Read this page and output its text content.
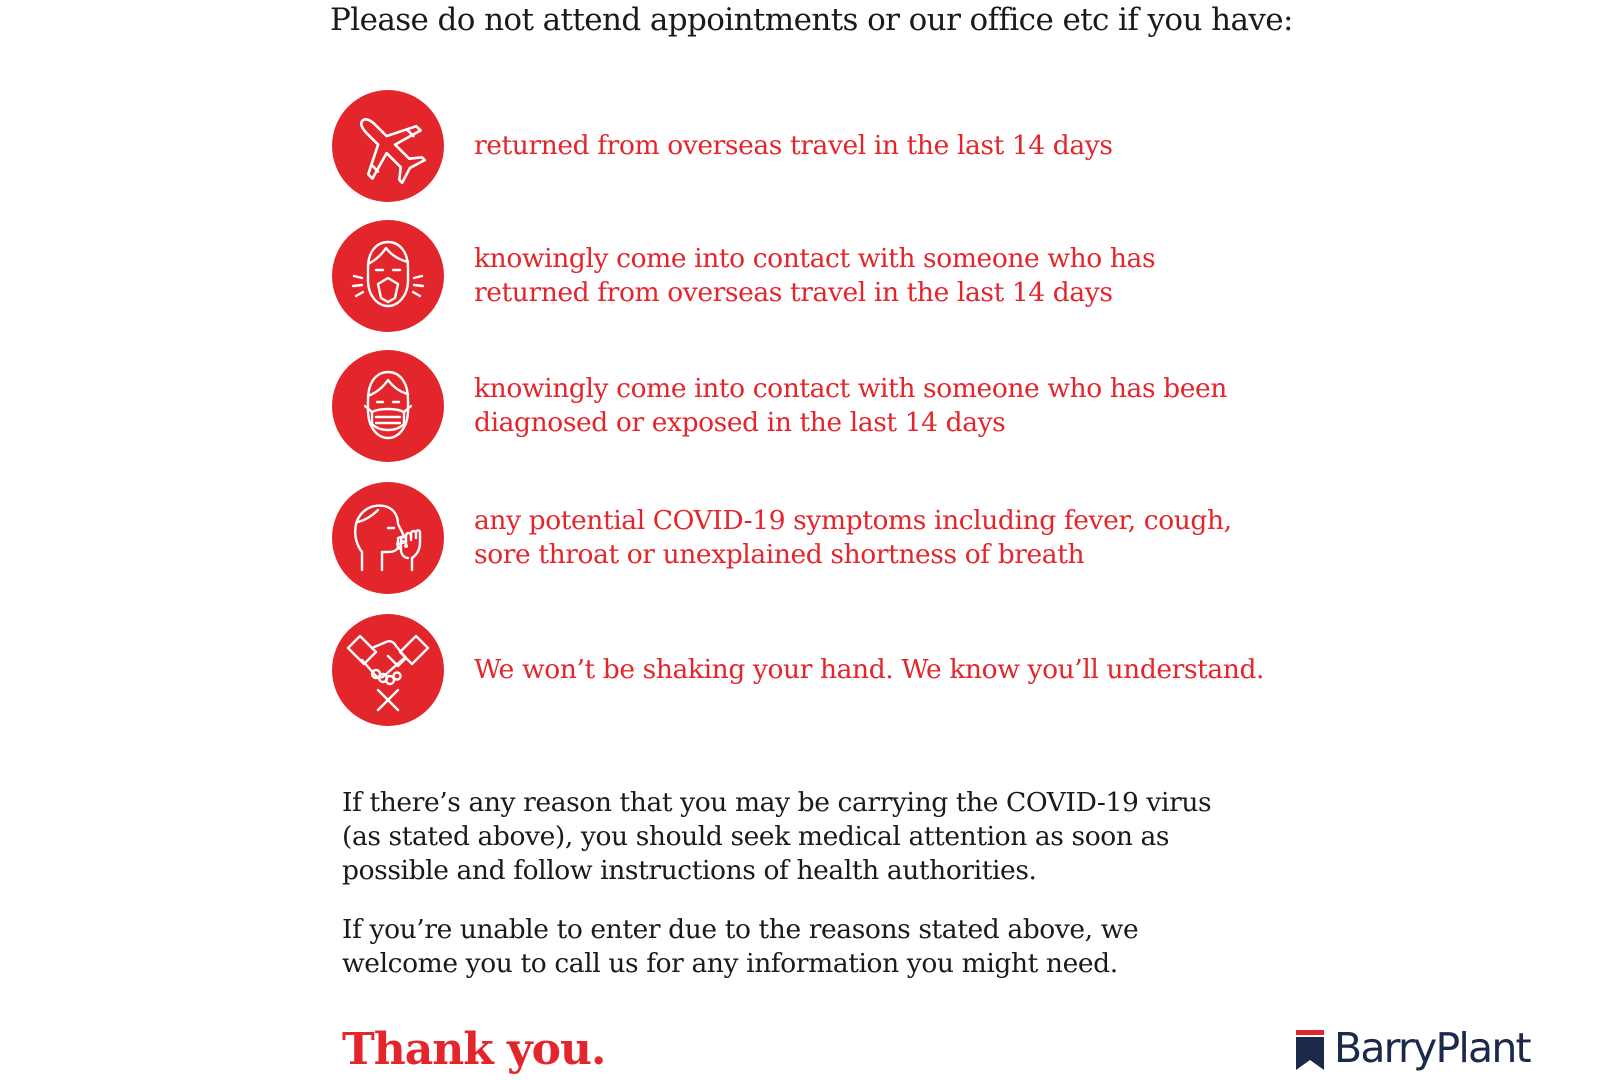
Please do not attend appointments or our office etc if you have:
returned from overseas travel in the last 14 days
knowingly come into contact with someone who has
returned from overseas travel in the last 14 days
knowingly come into contact with someone who has been
diagnosed or exposed in the last 14 days
any potential COVID-19 symptoms including fever, cough,
sore throat or unexplained shortness of breath
We won’t be shaking your hand. We know you’ll understand.
If there’s any reason that you may be carrying the COVID-19 virus
(as stated above), you should seek medical attention as soon as
possible and follow instructions of health authorities.
If you’re unable to enter due to the reasons stated above, we
welcome you to call us for any information you might need.
Thank you.	BarryPlant
